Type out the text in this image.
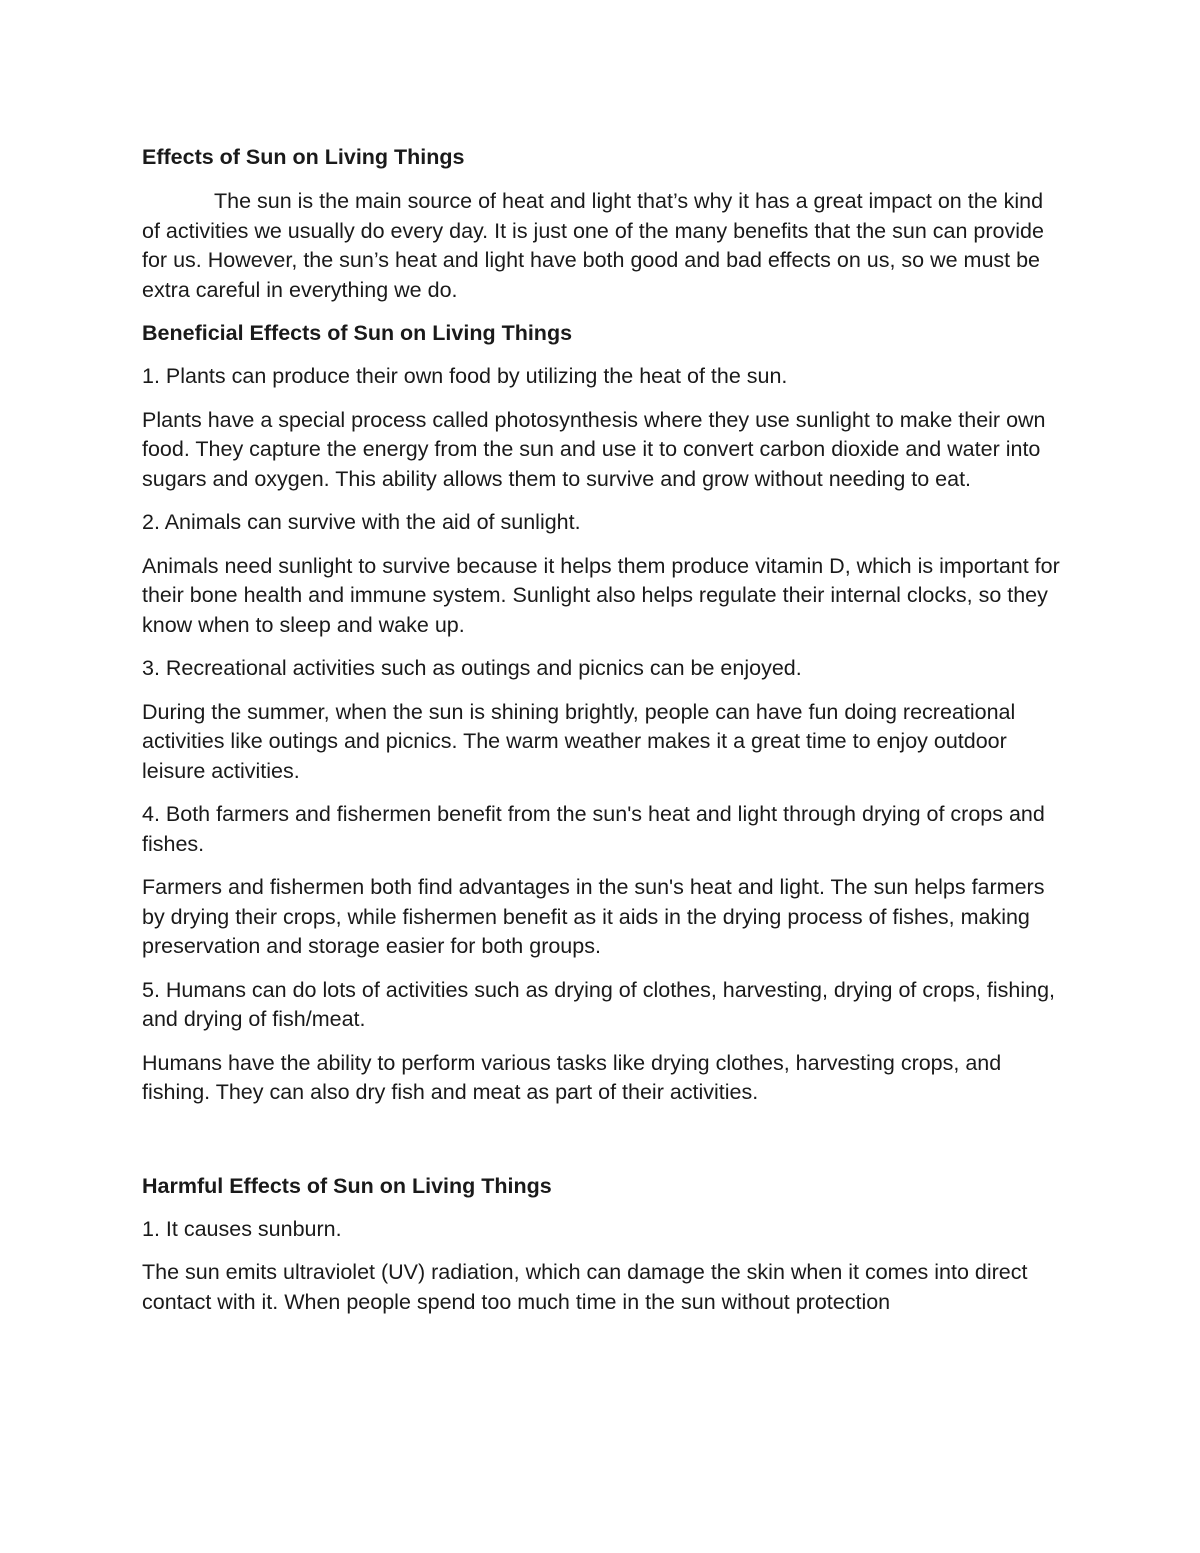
Effects of Sun on Living Things

The sun is the main source of heat and light that’s why it has a great impact on the kind of activities we usually do every day. It is just one of the many benefits that the sun can provide for us. However, the sun’s heat and light have both good and bad effects on us, so we must be extra careful in everything we do.

Beneficial Effects of Sun on Living Things

1. Plants can produce their own food by utilizing the heat of the sun.

Plants have a special process called photosynthesis where they use sunlight to make their own food. They capture the energy from the sun and use it to convert carbon dioxide and water into sugars and oxygen. This ability allows them to survive and grow without needing to eat.

2. Animals can survive with the aid of sunlight.

Animals need sunlight to survive because it helps them produce vitamin D, which is important for their bone health and immune system. Sunlight also helps regulate their internal clocks, so they know when to sleep and wake up.

3. Recreational activities such as outings and picnics can be enjoyed.

During the summer, when the sun is shining brightly, people can have fun doing recreational activities like outings and picnics. The warm weather makes it a great time to enjoy outdoor leisure activities.

4. Both farmers and fishermen benefit from the sun's heat and light through drying of crops and fishes.

Farmers and fishermen both find advantages in the sun's heat and light. The sun helps farmers by drying their crops, while fishermen benefit as it aids in the drying process of fishes, making preservation and storage easier for both groups.

5. Humans can do lots of activities such as drying of clothes, harvesting, drying of crops, fishing, and drying of fish/meat.

Humans have the ability to perform various tasks like drying clothes, harvesting crops, and fishing. They can also dry fish and meat as part of their activities.

Harmful Effects of Sun on Living Things

1. It causes sunburn.

The sun emits ultraviolet (UV) radiation, which can damage the skin when it comes into direct contact with it. When people spend too much time in the sun without protection
